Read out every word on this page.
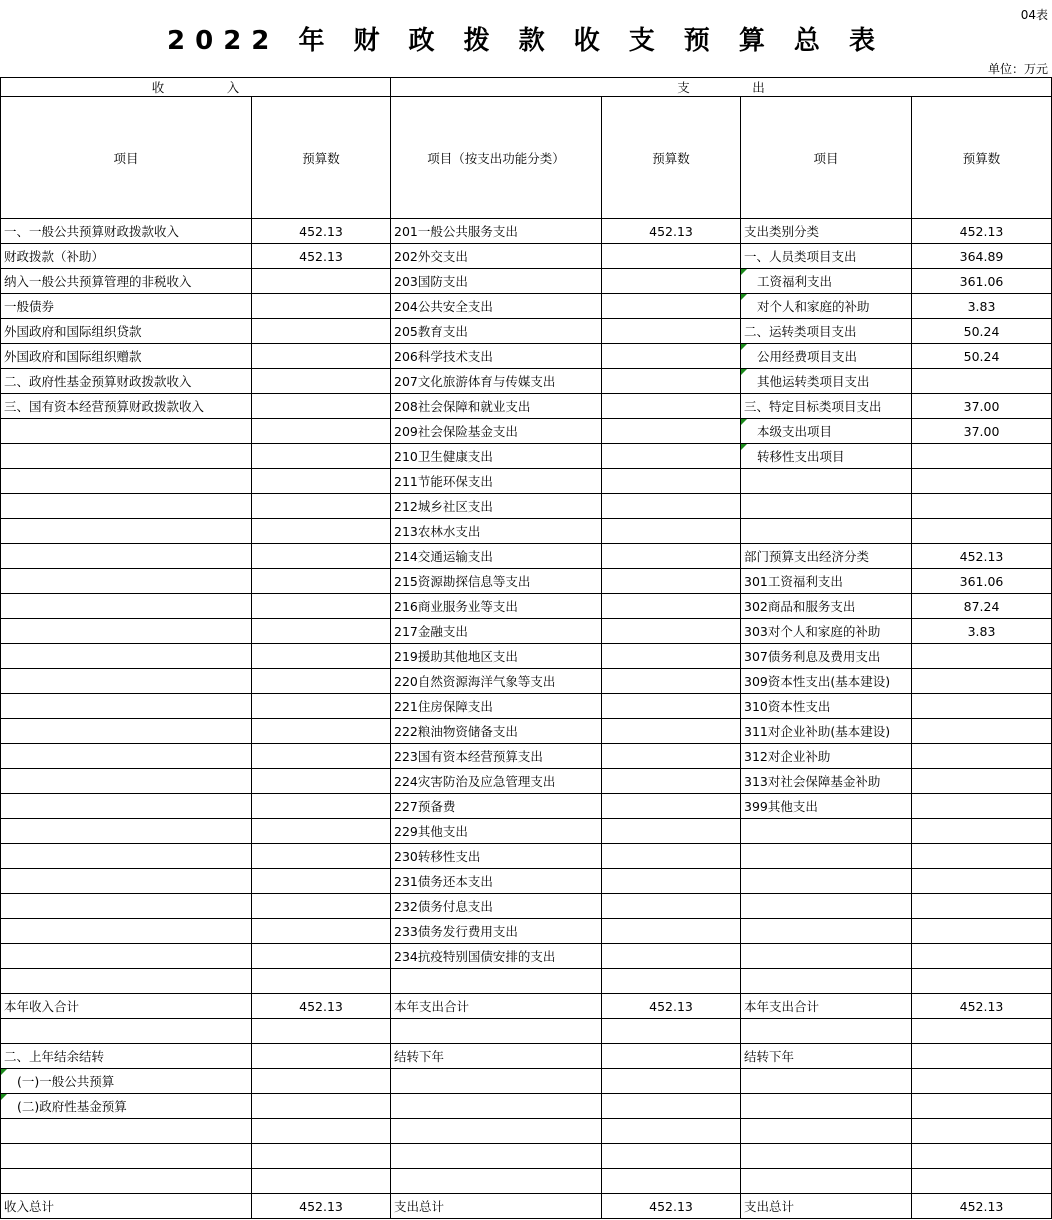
04表
2022 年 财 政 拨 款 收 支 预 算 总 表
单位：万元
收　　　　　入		支　　　　　出			
项目	预算数	项目（按支出功能分类）	预算数	项目	预算数
一、一般公共预算财政拨款收入	452.13	201一般公共服务支出	452.13	支出类别分类	452.13
财政拨款（补助）	452.13	202外交支出		一、人员类项目支出	364.89
纳入一般公共预算管理的非税收入		203国防支出		工资福利支出	361.06
一般债券		204公共安全支出		对个人和家庭的补助	3.83
外国政府和国际组织贷款		205教育支出		二、运转类项目支出	50.24
外国政府和国际组织赠款		206科学技术支出		公用经费项目支出	50.24
二、政府性基金预算财政拨款收入		207文化旅游体育与传媒支出		其他运转类项目支出	
三、国有资本经营预算财政拨款收入		208社会保障和就业支出		三、特定目标类项目支出	37.00
		209社会保险基金支出		本级支出项目	37.00
		210卫生健康支出		转移性支出项目	
		211节能环保支出			
		212城乡社区支出			
		213农林水支出			
		214交通运输支出		部门预算支出经济分类	452.13
		215资源勘探信息等支出		301工资福利支出	361.06
		216商业服务业等支出		302商品和服务支出	87.24
		217金融支出		303对个人和家庭的补助	3.83
		219援助其他地区支出		307债务利息及费用支出	
		220自然资源海洋气象等支出		309资本性支出(基本建设)	
		221住房保障支出		310资本性支出	
		222粮油物资储备支出		311对企业补助(基本建设)	
		223国有资本经营预算支出		312对企业补助	
		224灾害防治及应急管理支出		313对社会保障基金补助	
		227预备费		399其他支出	
		229其他支出			
		230转移性支出			
		231债务还本支出			
		232债务付息支出			
		233债务发行费用支出			
		234抗疫特别国债安排的支出			

本年收入合计	452.13	本年支出合计	452.13	本年支出合计	452.13

二、上年结余结转		结转下年		结转下年	
(一)一般公共预算					
(二)政府性基金预算					

收入总计	452.13	支出总计	452.13	支出总计	452.13
